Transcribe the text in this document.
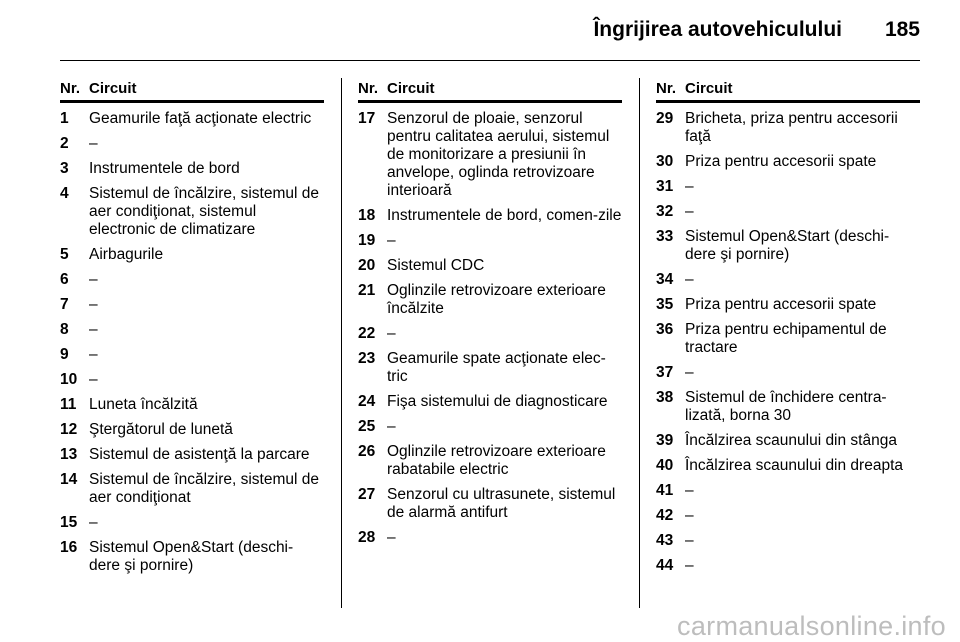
Îngrijirea autovehiculului 185
Nr. Circuit
1	Geamurile faţă acţionate electric
2	–
3	Instrumentele de bord
4	Sistemul de încălzire, sistemul de aer condiţionat, sistemul electronic de climatizare
5	Airbagurile
6	–
7	–
8	–
9	–
10 –
11 Luneta încălzită
12 Ştergătorul de lunetă
13 Sistemul de asistenţă la parcare
14 Sistemul de încălzire, sistemul de aer condiţionat
15 –
16 Sistemul Open&Start (deschi-dere şi pornire)
Nr. Circuit
17 Senzorul de ploaie, senzorul pentru calitatea aerului, sistemul de monitorizare a presiunii în anvelope, oglinda retrovizoare interioară
18 Instrumentele de bord, comen-zile
19 –
20 Sistemul CDC
21 Oglinzile retrovizoare exterioare încălzite
22 –
23 Geamurile spate acţionate elec-tric
24 Fişa sistemului de diagnosticare
25 –
26 Oglinzile retrovizoare exterioare rabatabile electric
27 Senzorul cu ultrasunete, sistemul de alarmă antifurt
28 –
Nr. Circuit
29 Bricheta, priza pentru accesorii faţă
30 Priza pentru accesorii spate
31 –
32 –
33 Sistemul Open&Start (deschi-dere şi pornire)
34 –
35 Priza pentru accesorii spate
36 Priza pentru echipamentul de tractare
37 –
38 Sistemul de închidere centra-lizată, borna 30
39 Încălzirea scaunului din stânga
40 Încălzirea scaunului din dreapta
41 –
42 –
43 –
44 –
carmanualsonline.info
